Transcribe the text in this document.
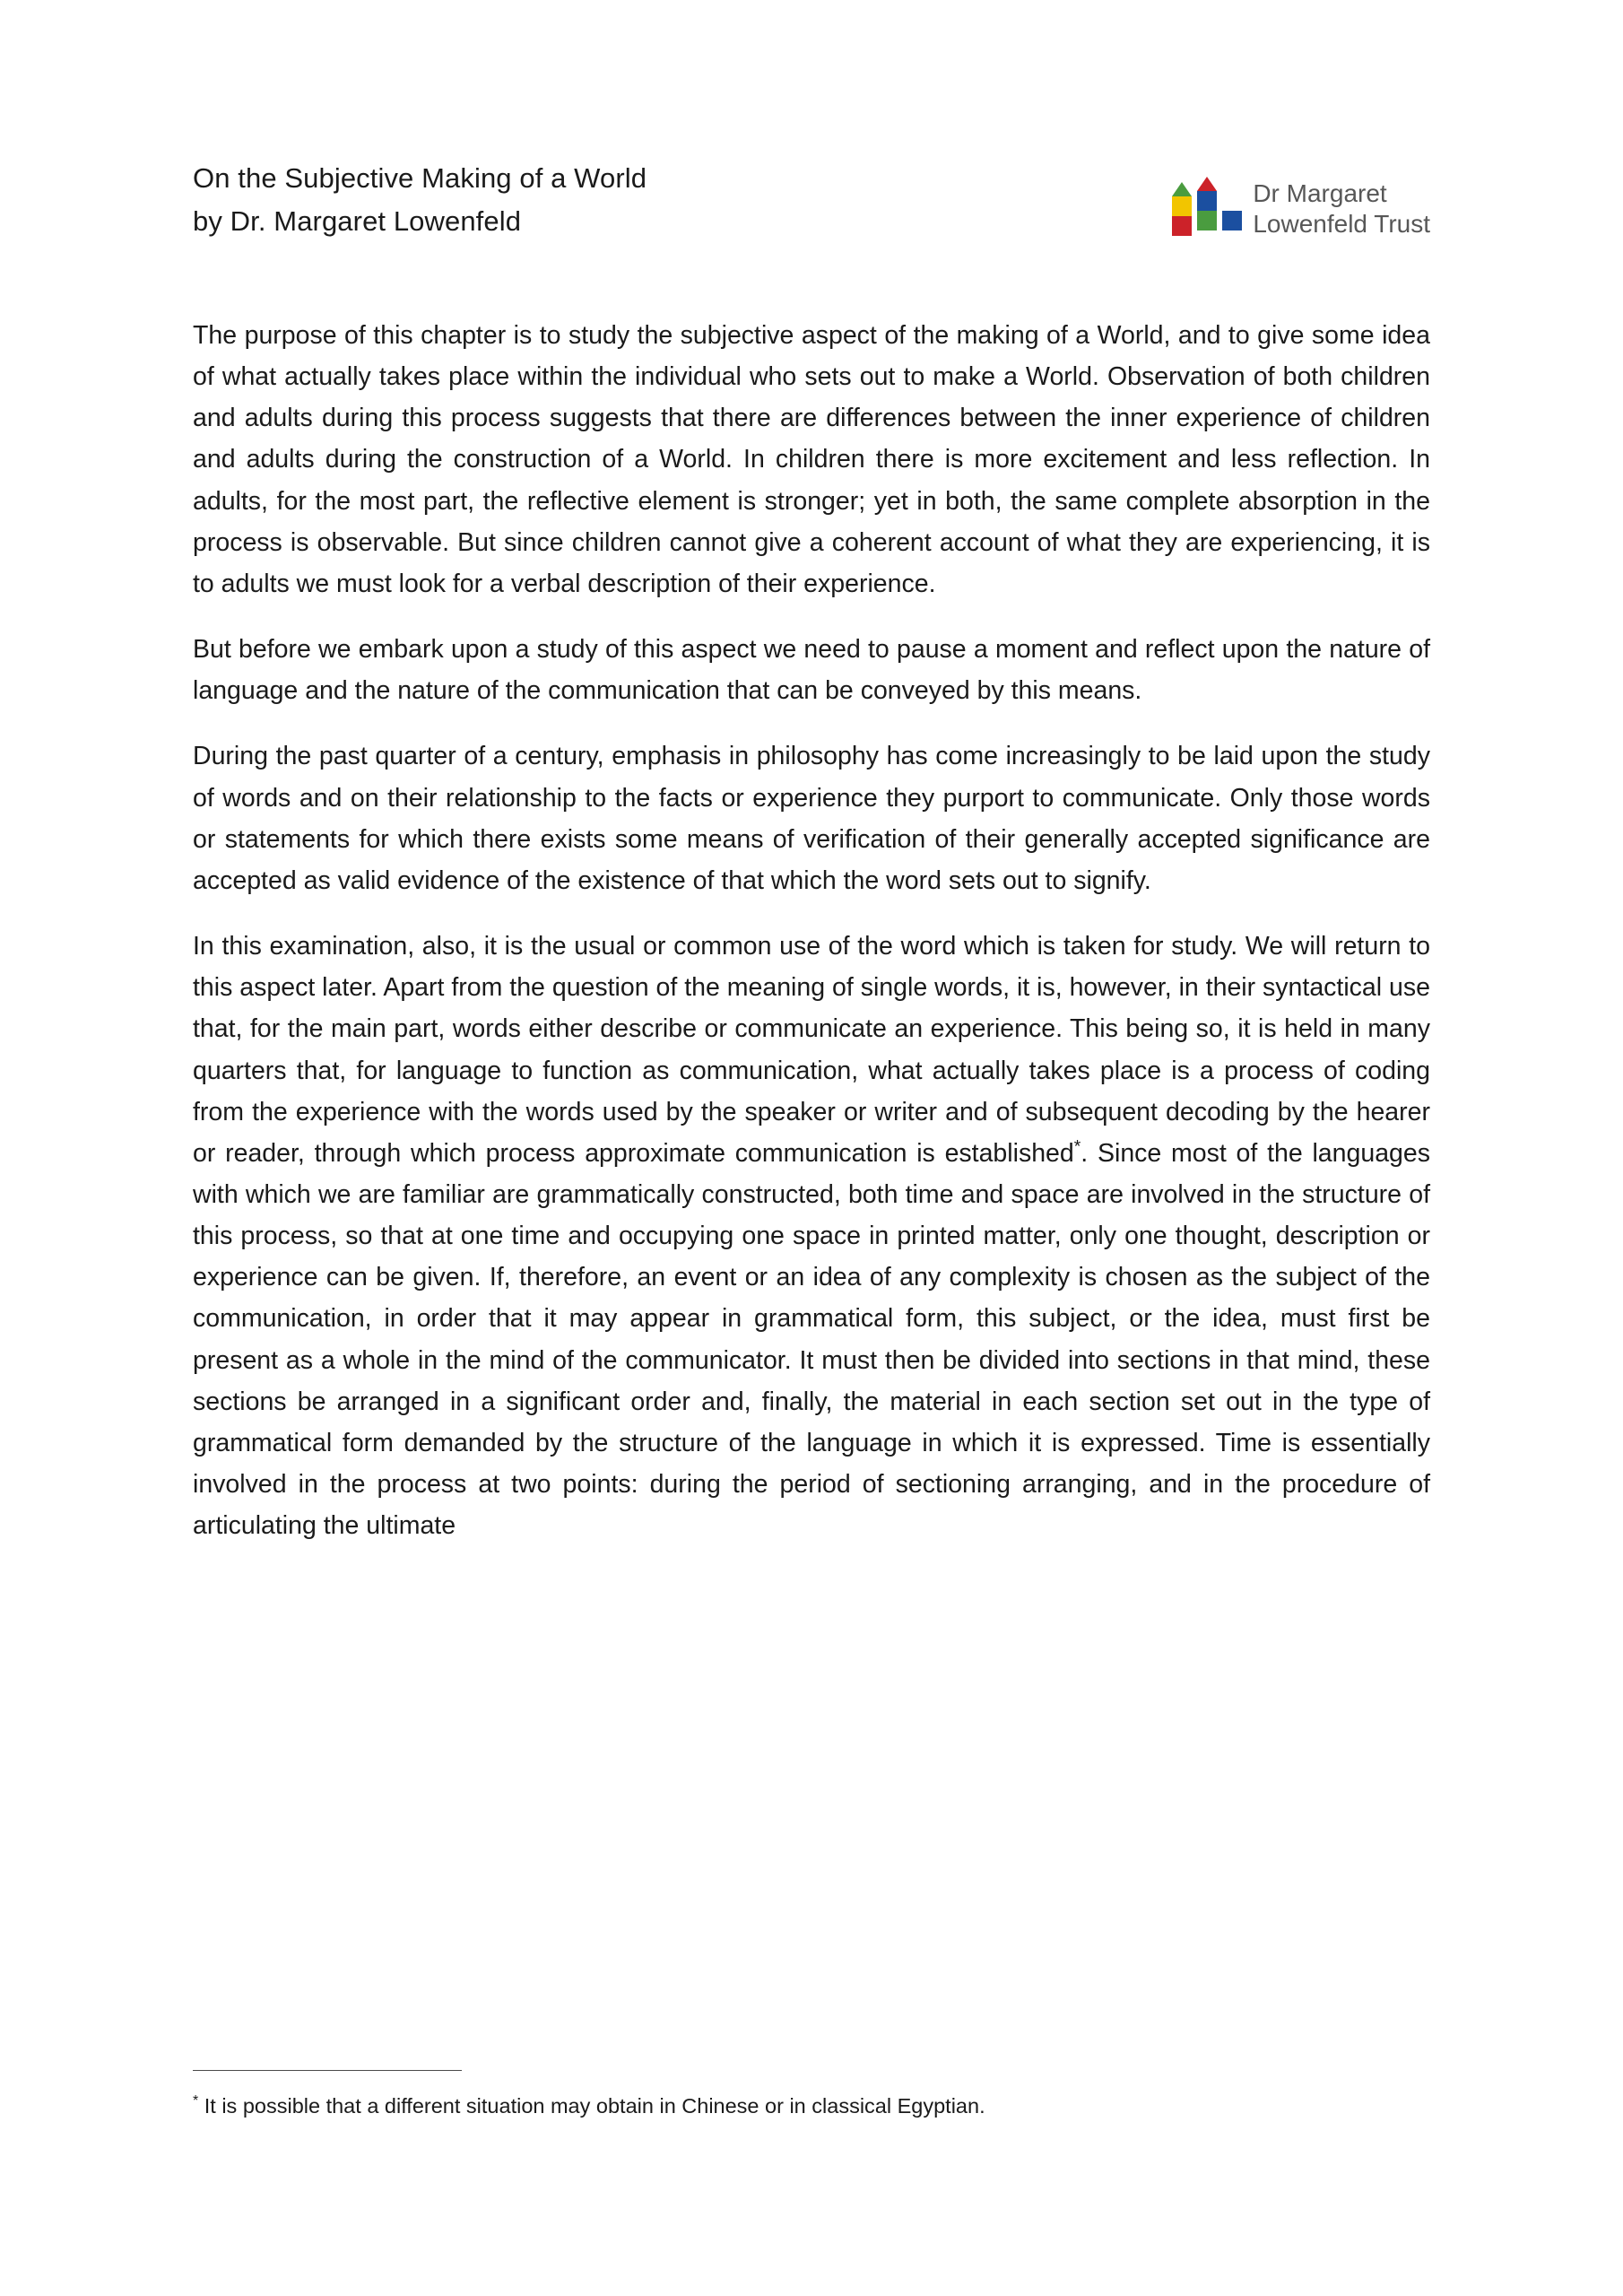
On the Subjective Making of a World
by Dr. Margaret Lowenfeld
Dr Margaret
Lowenfeld Trust

The purpose of this chapter is to study the subjective aspect of the making of a World, and to give some idea of what actually takes place within the individual who sets out to make a World. Observation of both children and adults during this process suggests that there are differences between the inner experience of children and adults during the construction of a World. In children there is more excitement and less reflection. In adults, for the most part, the reflective element is stronger; yet in both, the same complete absorption in the process is observable. But since children cannot give a coherent account of what they are experiencing, it is to adults we must look for a verbal description of their experience.

But before we embark upon a study of this aspect we need to pause a moment and reflect upon the nature of language and the nature of the communication that can be conveyed by this means.

During the past quarter of a century, emphasis in philosophy has come increasingly to be laid upon the study of words and on their relationship to the facts or experience they purport to communicate. Only those words or statements for which there exists some means of verification of their generally accepted significance are accepted as valid evidence of the existence of that which the word sets out to signify.

In this examination, also, it is the usual or common use of the word which is taken for study. We will return to this aspect later. Apart from the question of the meaning of single words, it is, however, in their syntactical use that, for the main part, words either describe or communicate an experience. This being so, it is held in many quarters that, for language to function as communication, what actually takes place is a process of coding from the experience with the words used by the speaker or writer and of subsequent decoding by the hearer or reader, through which process approximate communication is established*. Since most of the languages with which we are familiar are grammatically constructed, both time and space are involved in the structure of this process, so that at one time and occupying one space in printed matter, only one thought, description or experience can be given. If, therefore, an event or an idea of any complexity is chosen as the subject of the communication, in order that it may appear in grammatical form, this subject, or the idea, must first be present as a whole in the mind of the communicator. It must then be divided into sections in that mind, these sections be arranged in a significant order and, finally, the material in each section set out in the type of grammatical form demanded by the structure of the language in which it is expressed. Time is essentially involved in the process at two points: during the period of sectioning arranging, and in the procedure of articulating the ultimate

* It is possible that a different situation may obtain in Chinese or in classical Egyptian.
